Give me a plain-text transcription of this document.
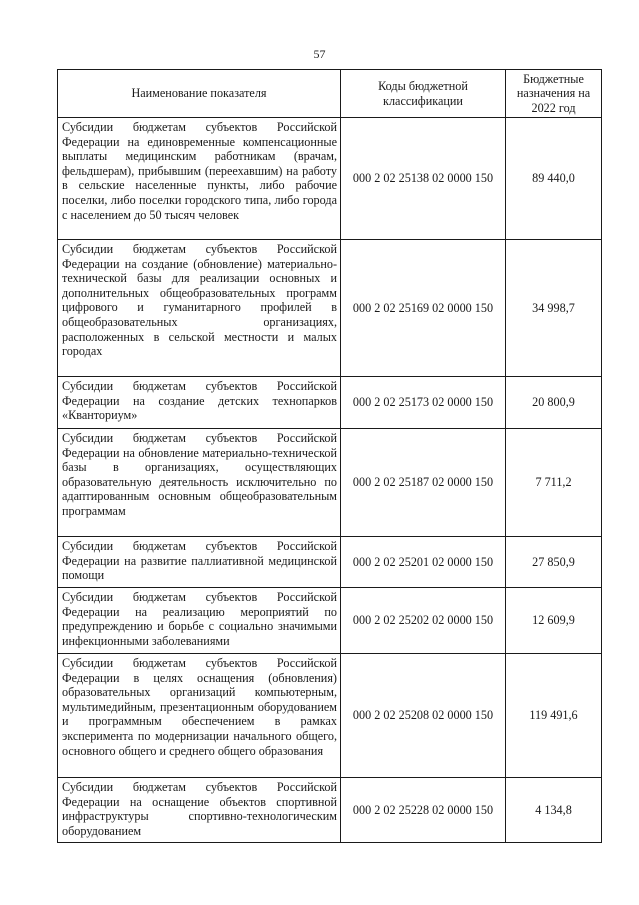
57
Наименование показателя	Коды бюджетной классификации	Бюджетные назначения на 2022 год
Субсидии бюджетам субъектов Российской Федерации на единовременные компенсационные выплаты медицинским работникам (врачам, фельдшерам), прибывшим (переехавшим) на работу в сельские населенные пункты, либо рабочие поселки, либо поселки городского типа, либо города с населением до 50 тысяч человек	000 2 02 25138 02 0000 150	89 440,0
Субсидии бюджетам субъектов Российской Федерации на создание (обновление) материально-технической базы для реализации основных и дополнительных общеобразовательных программ цифрового и гуманитарного профилей в общеобразовательных организациях, расположенных в сельской местности и малых городах	000 2 02 25169 02 0000 150	34 998,7
Субсидии бюджетам субъектов Российской Федерации на создание детских технопарков «Кванториум»	000 2 02 25173 02 0000 150	20 800,9
Субсидии бюджетам субъектов Российской Федерации на обновление материально-технической базы в организациях, осуществляющих образовательную деятельность исключительно по адаптированным основным общеобразовательным программам	000 2 02 25187 02 0000 150	7 711,2
Субсидии бюджетам субъектов Российской Федерации на развитие паллиативной медицинской помощи	000 2 02 25201 02 0000 150	27 850,9
Субсидии бюджетам субъектов Российской Федерации на реализацию мероприятий по предупреждению и борьбе с социально значимыми инфекционными заболеваниями	000 2 02 25202 02 0000 150	12 609,9
Субсидии бюджетам субъектов Российской Федерации в целях оснащения (обновления) образовательных организаций компьютерным, мультимедийным, презентационным оборудованием и программным обеспечением в рамках эксперимента по модернизации начального общего, основного общего и среднего общего образования	000 2 02 25208 02 0000 150	119 491,6
Субсидии бюджетам субъектов Российской Федерации на оснащение объектов спортивной инфраструктуры спортивно-технологическим оборудованием	000 2 02 25228 02 0000 150	4 134,8
